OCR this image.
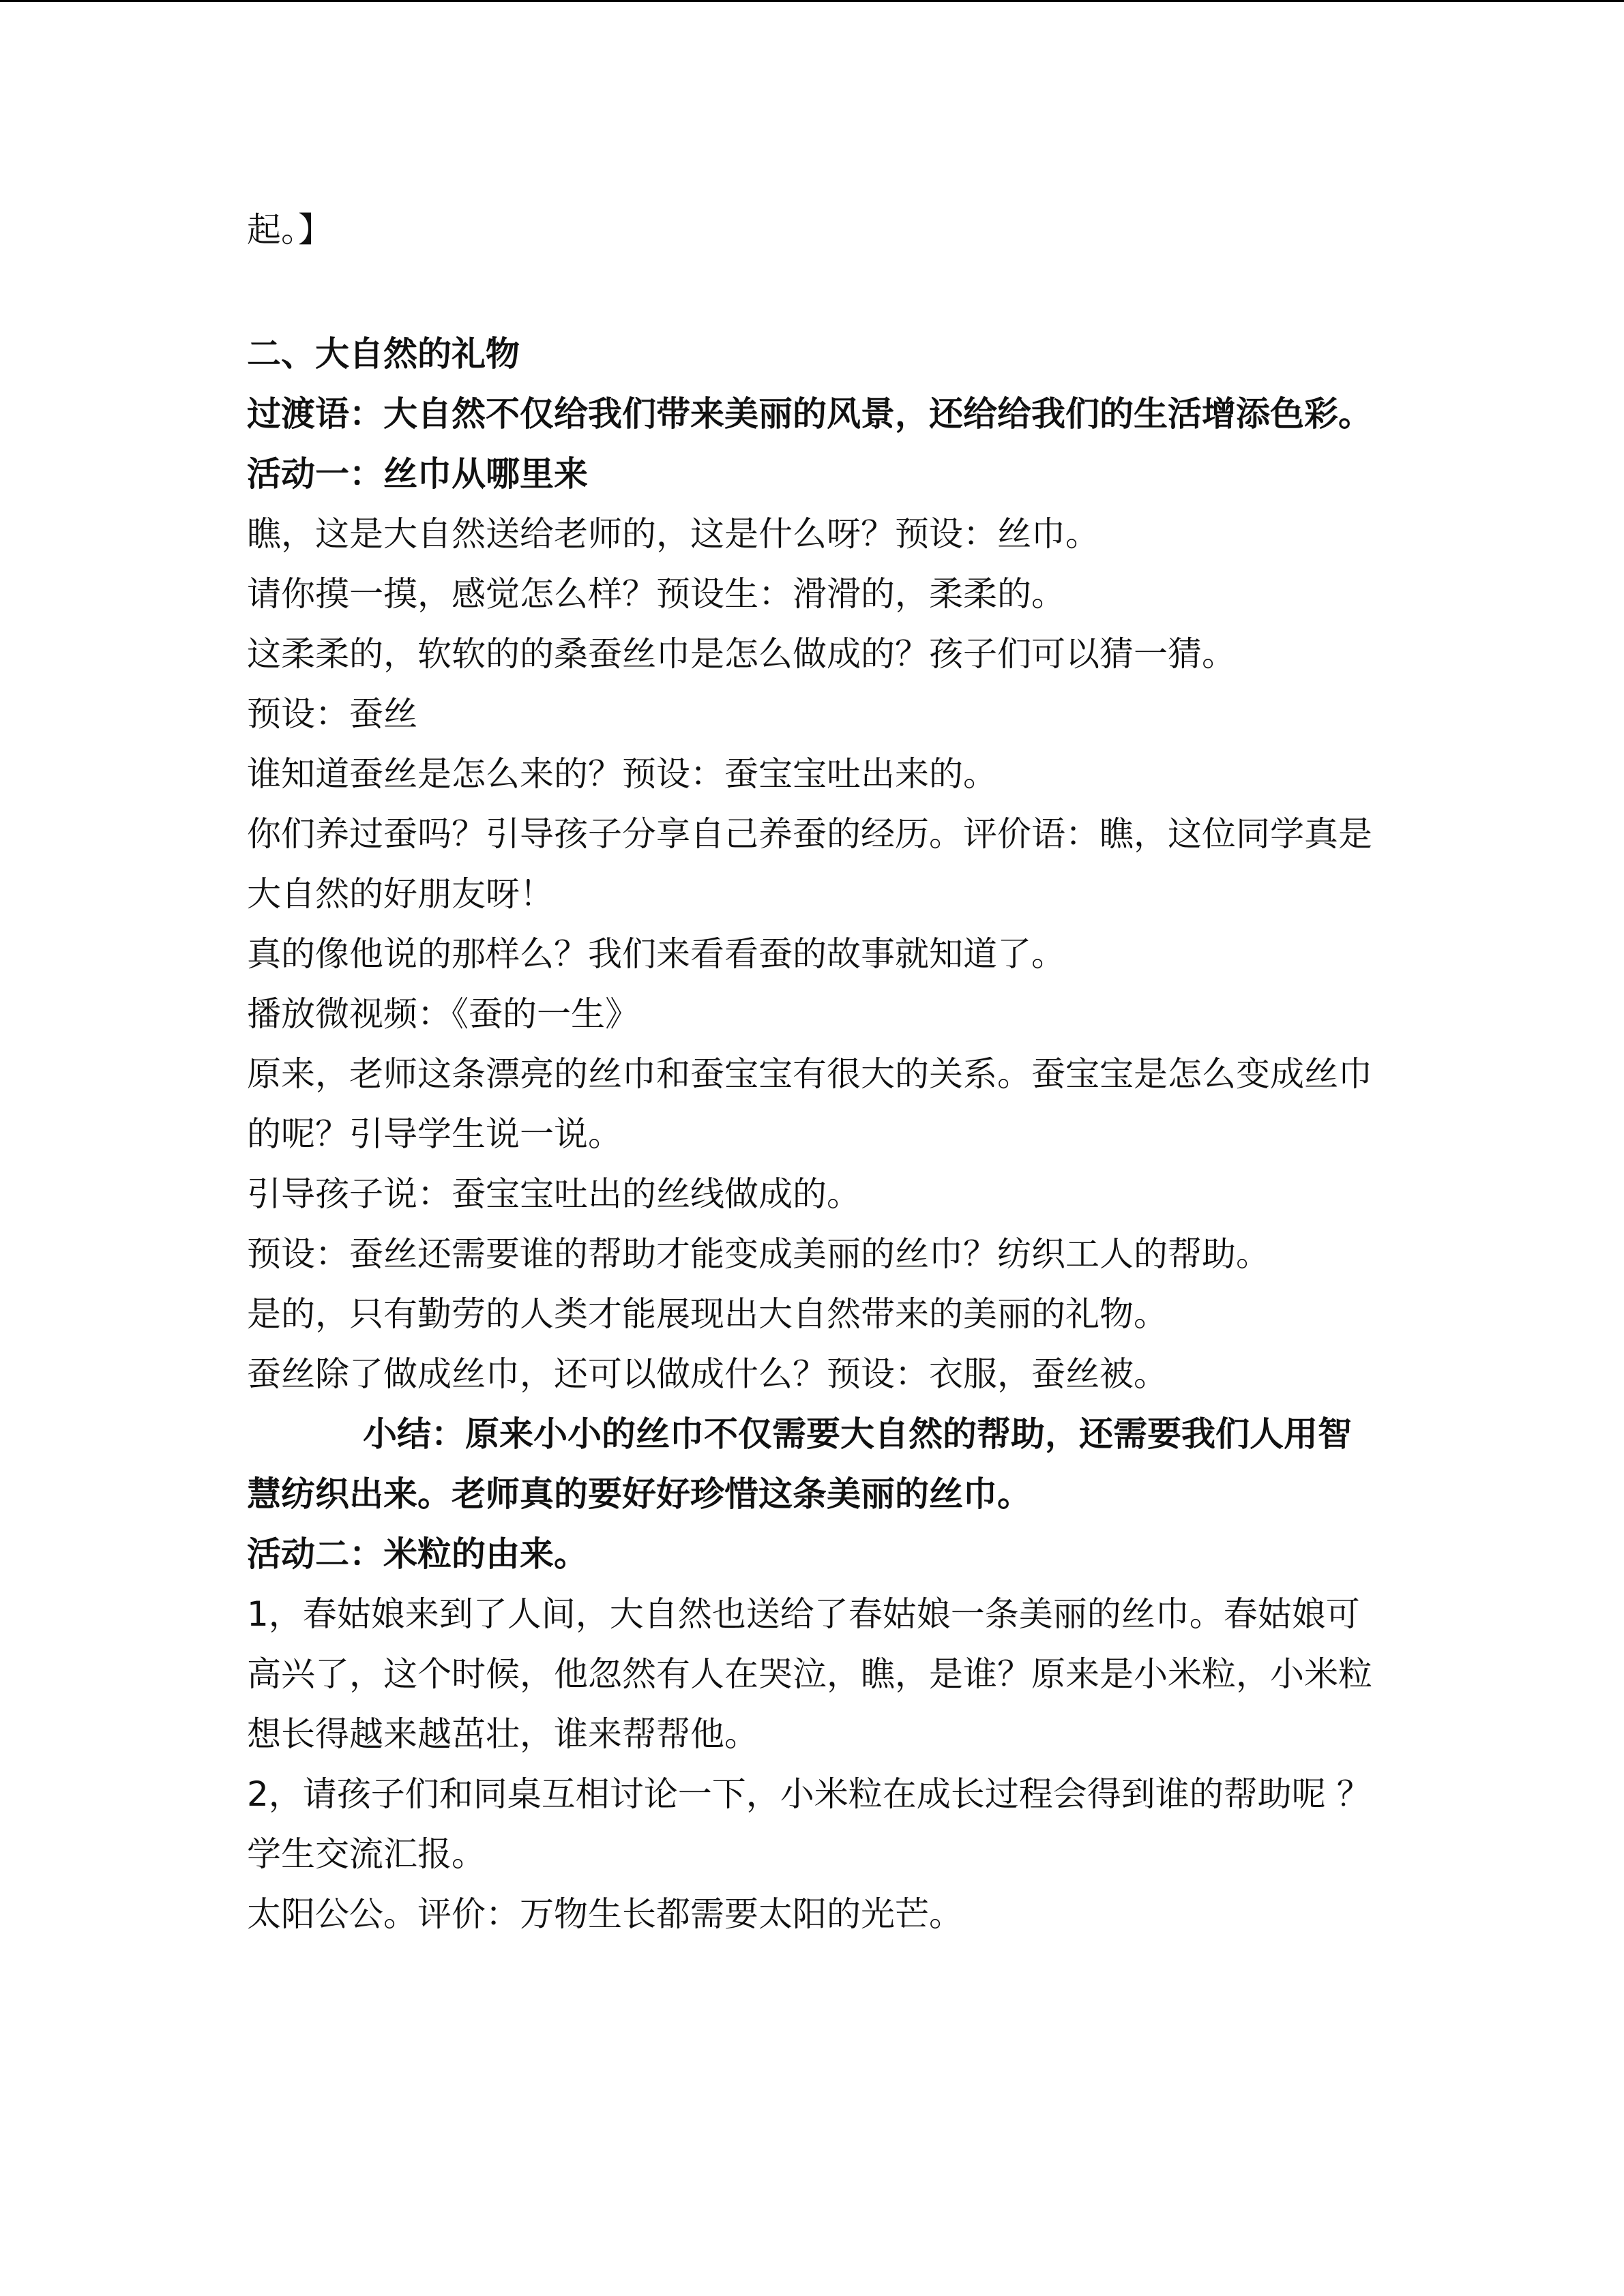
起。】

二、大自然的礼物

过渡语：大自然不仅给我们带来美丽的风景，还给给我们的生活增添色彩。

活动一：丝巾从哪里来

瞧，这是大自然送给老师的，这是什么呀？预设：丝巾。

请你摸一摸，感觉怎么样？预设生：滑滑的，柔柔的。

这柔柔的，软软的的桑蚕丝巾是怎么做成的？孩子们可以猜一猜。

预设：蚕丝

谁知道蚕丝是怎么来的？预设：蚕宝宝吐出来的。

你们养过蚕吗？引导孩子分享自己养蚕的经历。评价语：瞧，这位同学真是大自然的好朋友呀！

真的像他说的那样么？我们来看看蚕的故事就知道了。

播放微视频：《蚕的一生》

原来，老师这条漂亮的丝巾和蚕宝宝有很大的关系。蚕宝宝是怎么变成丝巾的呢？引导学生说一说。

引导孩子说：蚕宝宝吐出的丝线做成的。

预设：蚕丝还需要谁的帮助才能变成美丽的丝巾？纺织工人的帮助。

是的，只有勤劳的人类才能展现出大自然带来的美丽的礼物。

蚕丝除了做成丝巾，还可以做成什么？预设：衣服，蚕丝被。

小结：原来小小的丝巾不仅需要大自然的帮助，还需要我们人用智慧纺织出来。老师真的要好好珍惜这条美丽的丝巾。

活动二：米粒的由来。

1，春姑娘来到了人间，大自然也送给了春姑娘一条美丽的丝巾。春姑娘可高兴了，这个时候，他忽然有人在哭泣，瞧，是谁？原来是小米粒，小米粒想长得越来越茁壮，谁来帮帮他。

2，请孩子们和同桌互相讨论一下，小米粒在成长过程会得到谁的帮助呢 ？学生交流汇报。

太阳公公。评价：万物生长都需要太阳的光芒。
